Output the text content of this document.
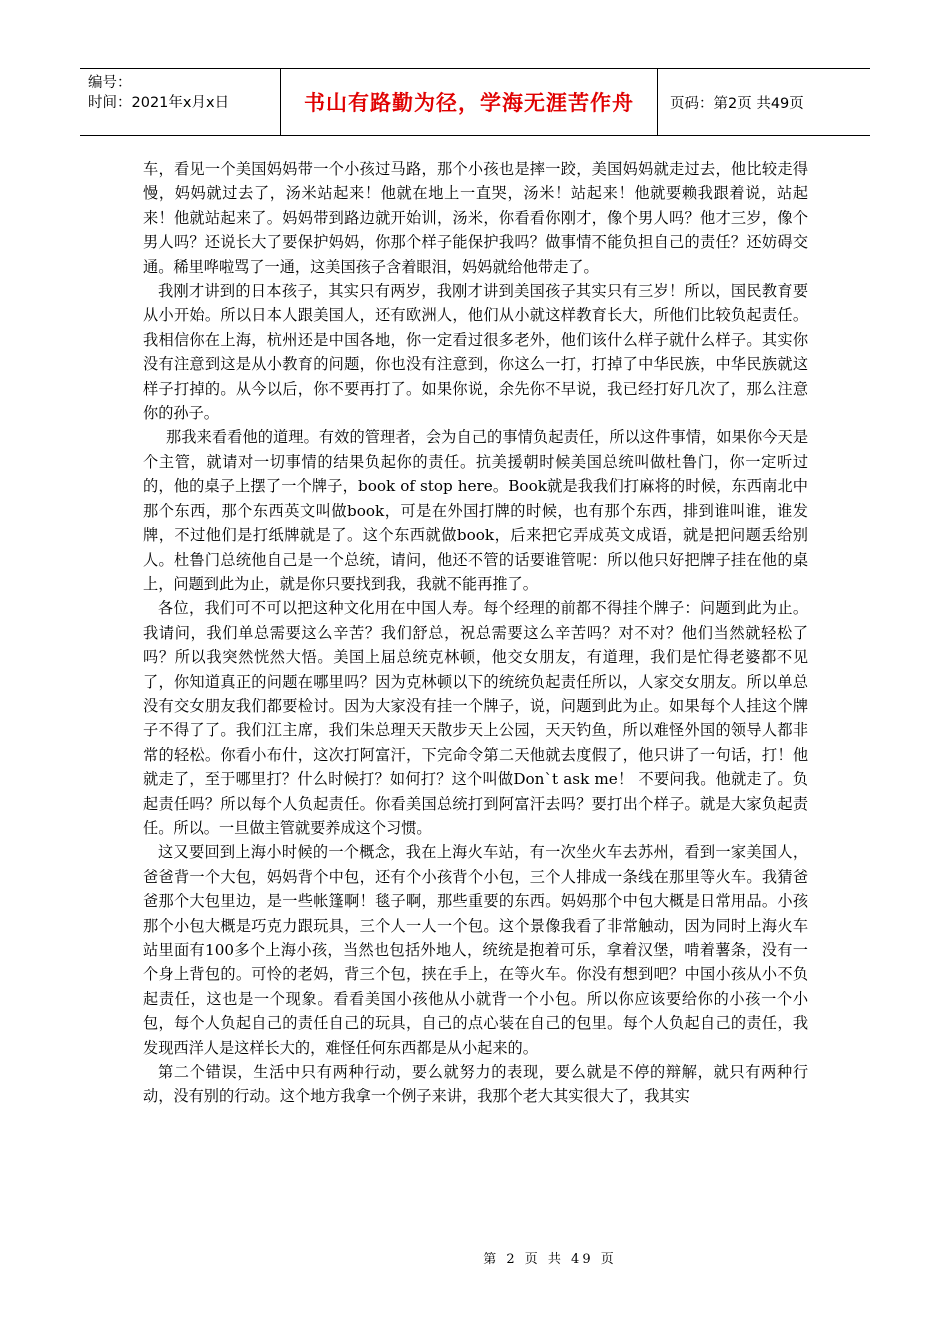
编号：
时间：2021年x月x日	书山有路勤为径，学海无涯苦作舟 页码：第2页 共49页

车，看见一个美国妈妈带一个小孩过马路，那个小孩也是摔一跤，美国妈妈就走过去，他比较走得慢，妈妈就过去了，汤米站起来！他就在地上一直哭，汤米！站起来！他就要赖我跟着说，站起来！他就站起来了。妈妈带到路边就开始训，汤米，你看看你刚才，像个男人吗？他才三岁，像个男人吗？还说长大了要保护妈妈，你那个样子能保护我吗？做事情不能负担自己的责任？还妨碍交通。稀里哗啦骂了一通，这美国孩子含着眼泪，妈妈就给他带走了。

我刚才讲到的日本孩子，其实只有两岁，我刚才讲到美国孩子其实只有三岁！所以，国民教育要从小开始。所以日本人跟美国人，还有欧洲人，他们从小就这样教育长大，所他们比较负起责任。我相信你在上海，杭州还是中国各地，你一定看过很多老外，他们该什么样子就什么样子。其实你没有注意到这是从小教育的问题，你也没有注意到，你这么一打，打掉了中华民族，中华民族就这样子打掉的。从今以后，你不要再打了。如果你说，余先你不早说，我已经打好几次了，那么注意你的孙子。

那我来看看他的道理。有效的管理者，会为自己的事情负起责任，所以这件事情，如果你今天是个主管，就请对一切事情的结果负起你的责任。抗美援朝时候美国总统叫做杜鲁门，你一定听过的，他的桌子上摆了一个牌子，book of stop here。Book就是我我们打麻将的时候，东西南北中那个东西，那个东西英文叫做book，可是在外国打牌的时候，也有那个东西，排到谁叫谁，谁发牌，不过他们是打纸牌就是了。这个东西就做book，后来把它弄成英文成语，就是把问题丢给别人。杜鲁门总统他自己是一个总统，请问，他还不管的话要谁管呢：所以他只好把牌子挂在他的桌上，问题到此为止，就是你只要找到我，我就不能再推了。

各位，我们可不可以把这种文化用在中国人寿。每个经理的前都不得挂个牌子：问题到此为止。我请问，我们单总需要这么辛苦？我们舒总，祝总需要这么辛苦吗？对不对？他们当然就轻松了吗？所以我突然恍然大悟。美国上届总统克林顿，他交女朋友，有道理，我们是忙得老婆都不见了，你知道真正的问题在哪里吗？因为克林顿以下的统统负起责任所以，人家交女朋友。所以单总没有交女朋友我们都要检讨。因为大家没有挂一个牌子，说，问题到此为止。如果每个人挂这个牌子不得了了。我们江主席，我们朱总理天天散步天上公园，天天钓鱼，所以难怪外国的领导人都非常的轻松。你看小布什，这次打阿富汗，下完命令第二天他就去度假了，他只讲了一句话，打！他就走了，至于哪里打？什么时候打？如何打？这个叫做Don`t ask me！ 不要问我。他就走了。负起责任吗？所以每个人负起责任。你看美国总统打到阿富汗去吗？要打出个样子。就是大家负起责任。所以。一旦做主管就要养成这个习惯。

这又要回到上海小时候的一个概念，我在上海火车站，有一次坐火车去苏州，看到一家美国人，爸爸背一个大包，妈妈背个中包，还有个小孩背个小包，三个人排成一条线在那里等火车。我猜爸爸那个大包里边，是一些帐篷啊！毯子啊，那些重要的东西。妈妈那个中包大概是日常用品。小孩那个小包大概是巧克力跟玩具，三个人一人一个包。这个景像我看了非常触动，因为同时上海火车站里面有100多个上海小孩，当然也包括外地人，统统是抱着可乐，拿着汉堡，啃着薯条，没有一个身上背包的。可怜的老妈，背三个包，挟在手上，在等火车。你没有想到吧？中国小孩从小不负起责任，这也是一个现象。看看美国小孩他从小就背一个小包。所以你应该要给你的小孩一个小包，每个人负起自己的责任自己的玩具，自己的点心装在自己的包里。每个人负起自己的责任，我发现西洋人是这样长大的，难怪任何东西都是从小起来的。

第二个错误，生活中只有两种行动，要么就努力的表现，要么就是不停的辩解，就只有两种行动，没有别的行动。这个地方我拿一个例子来讲，我那个老大其实很大了，我其实

第 2 页 共 49 页
